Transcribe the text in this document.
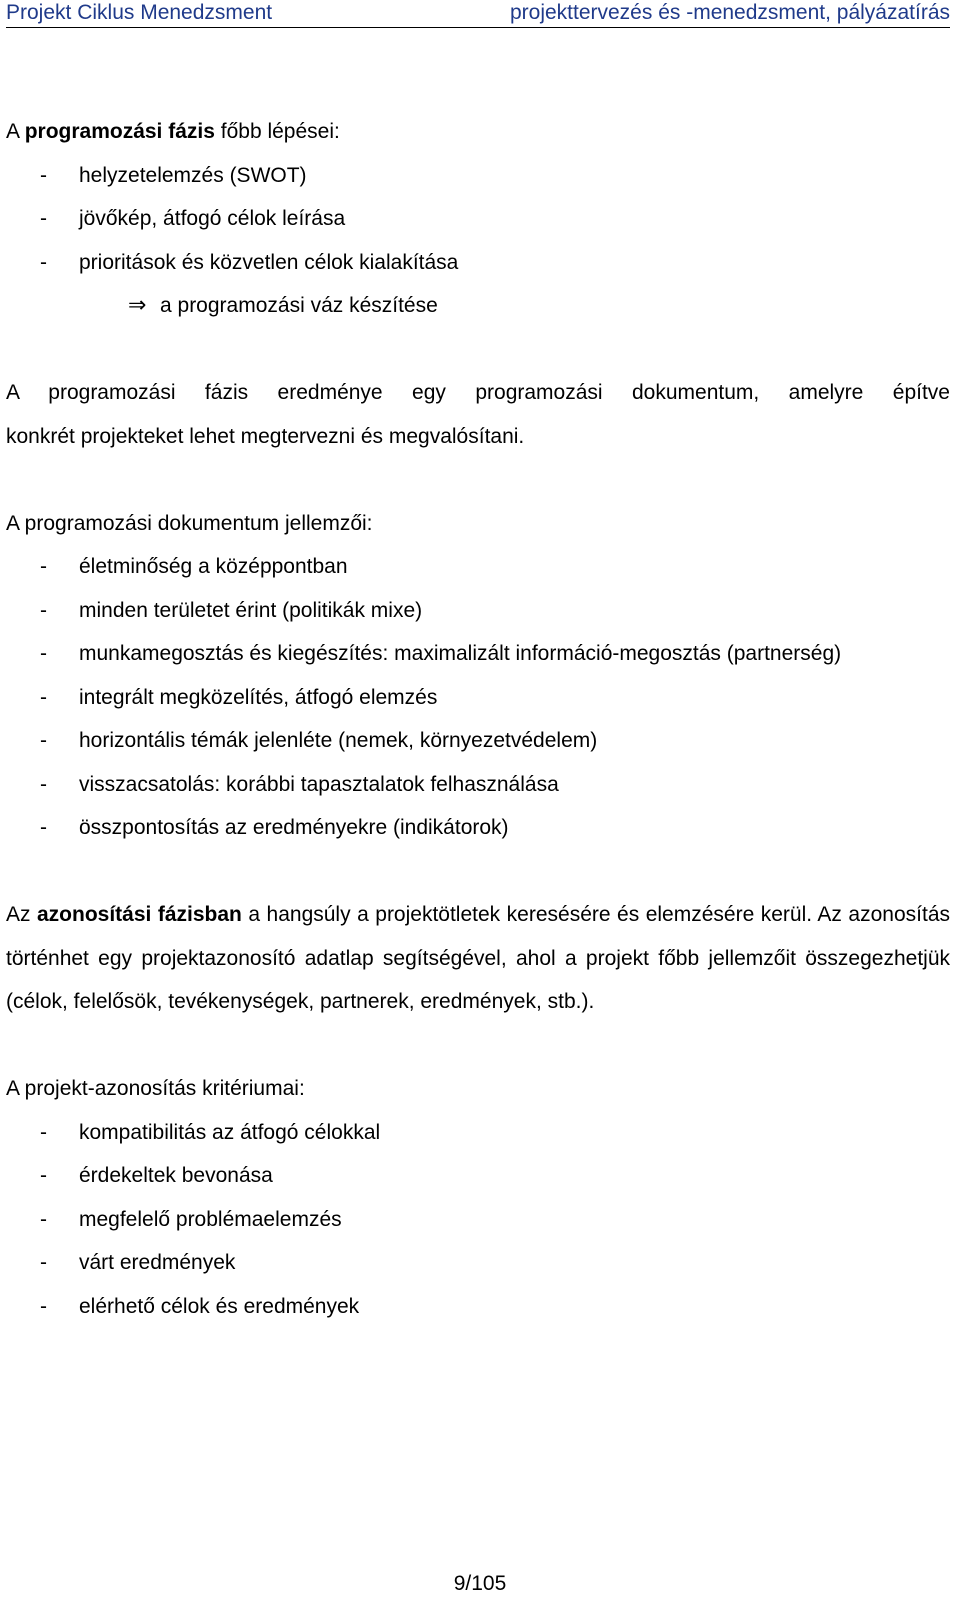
Projekt Ciklus Menedzsment	projekttervezés és -menedzsment, pályázatírás

A programozási fázis főbb lépései:

- helyzetelemzés (SWOT)
- jövőkép, átfogó célok leírása
- prioritások és közvetlen célok kialakítása
⇒ a programozási váz készítése

A programozási fázis eredménye egy programozási dokumentum, amelyre építve

konkrét projekteket lehet megtervezni és megvalósítani.

A programozási dokumentum jellemzői:

- életminőség a középpontban
- minden területet érint (politikák mixe)
- munkamegosztás és kiegészítés: maximalizált információ-megosztás (partnerség)
- integrált megközelítés, átfogó elemzés
- horizontális témák jelenléte (nemek, környezetvédelem)
- visszacsatolás: korábbi tapasztalatok felhasználása
- összpontosítás az eredményekre (indikátorok)

Az azonosítási fázisban a hangsúly a projektötletek keresésére és elemzésére kerül. Az azonosítás történhet egy projektazonosító adatlap segítségével, ahol a projekt főbb jellemzőit összegezhetjük (célok, felelősök, tevékenységek, partnerek, eredmények, stb.).

A projekt-azonosítás kritériumai:

- kompatibilitás az átfogó célokkal
- érdekeltek bevonása
- megfelelő problémaelemzés
- várt eredmények
- elérhető célok és eredmények
9/105
